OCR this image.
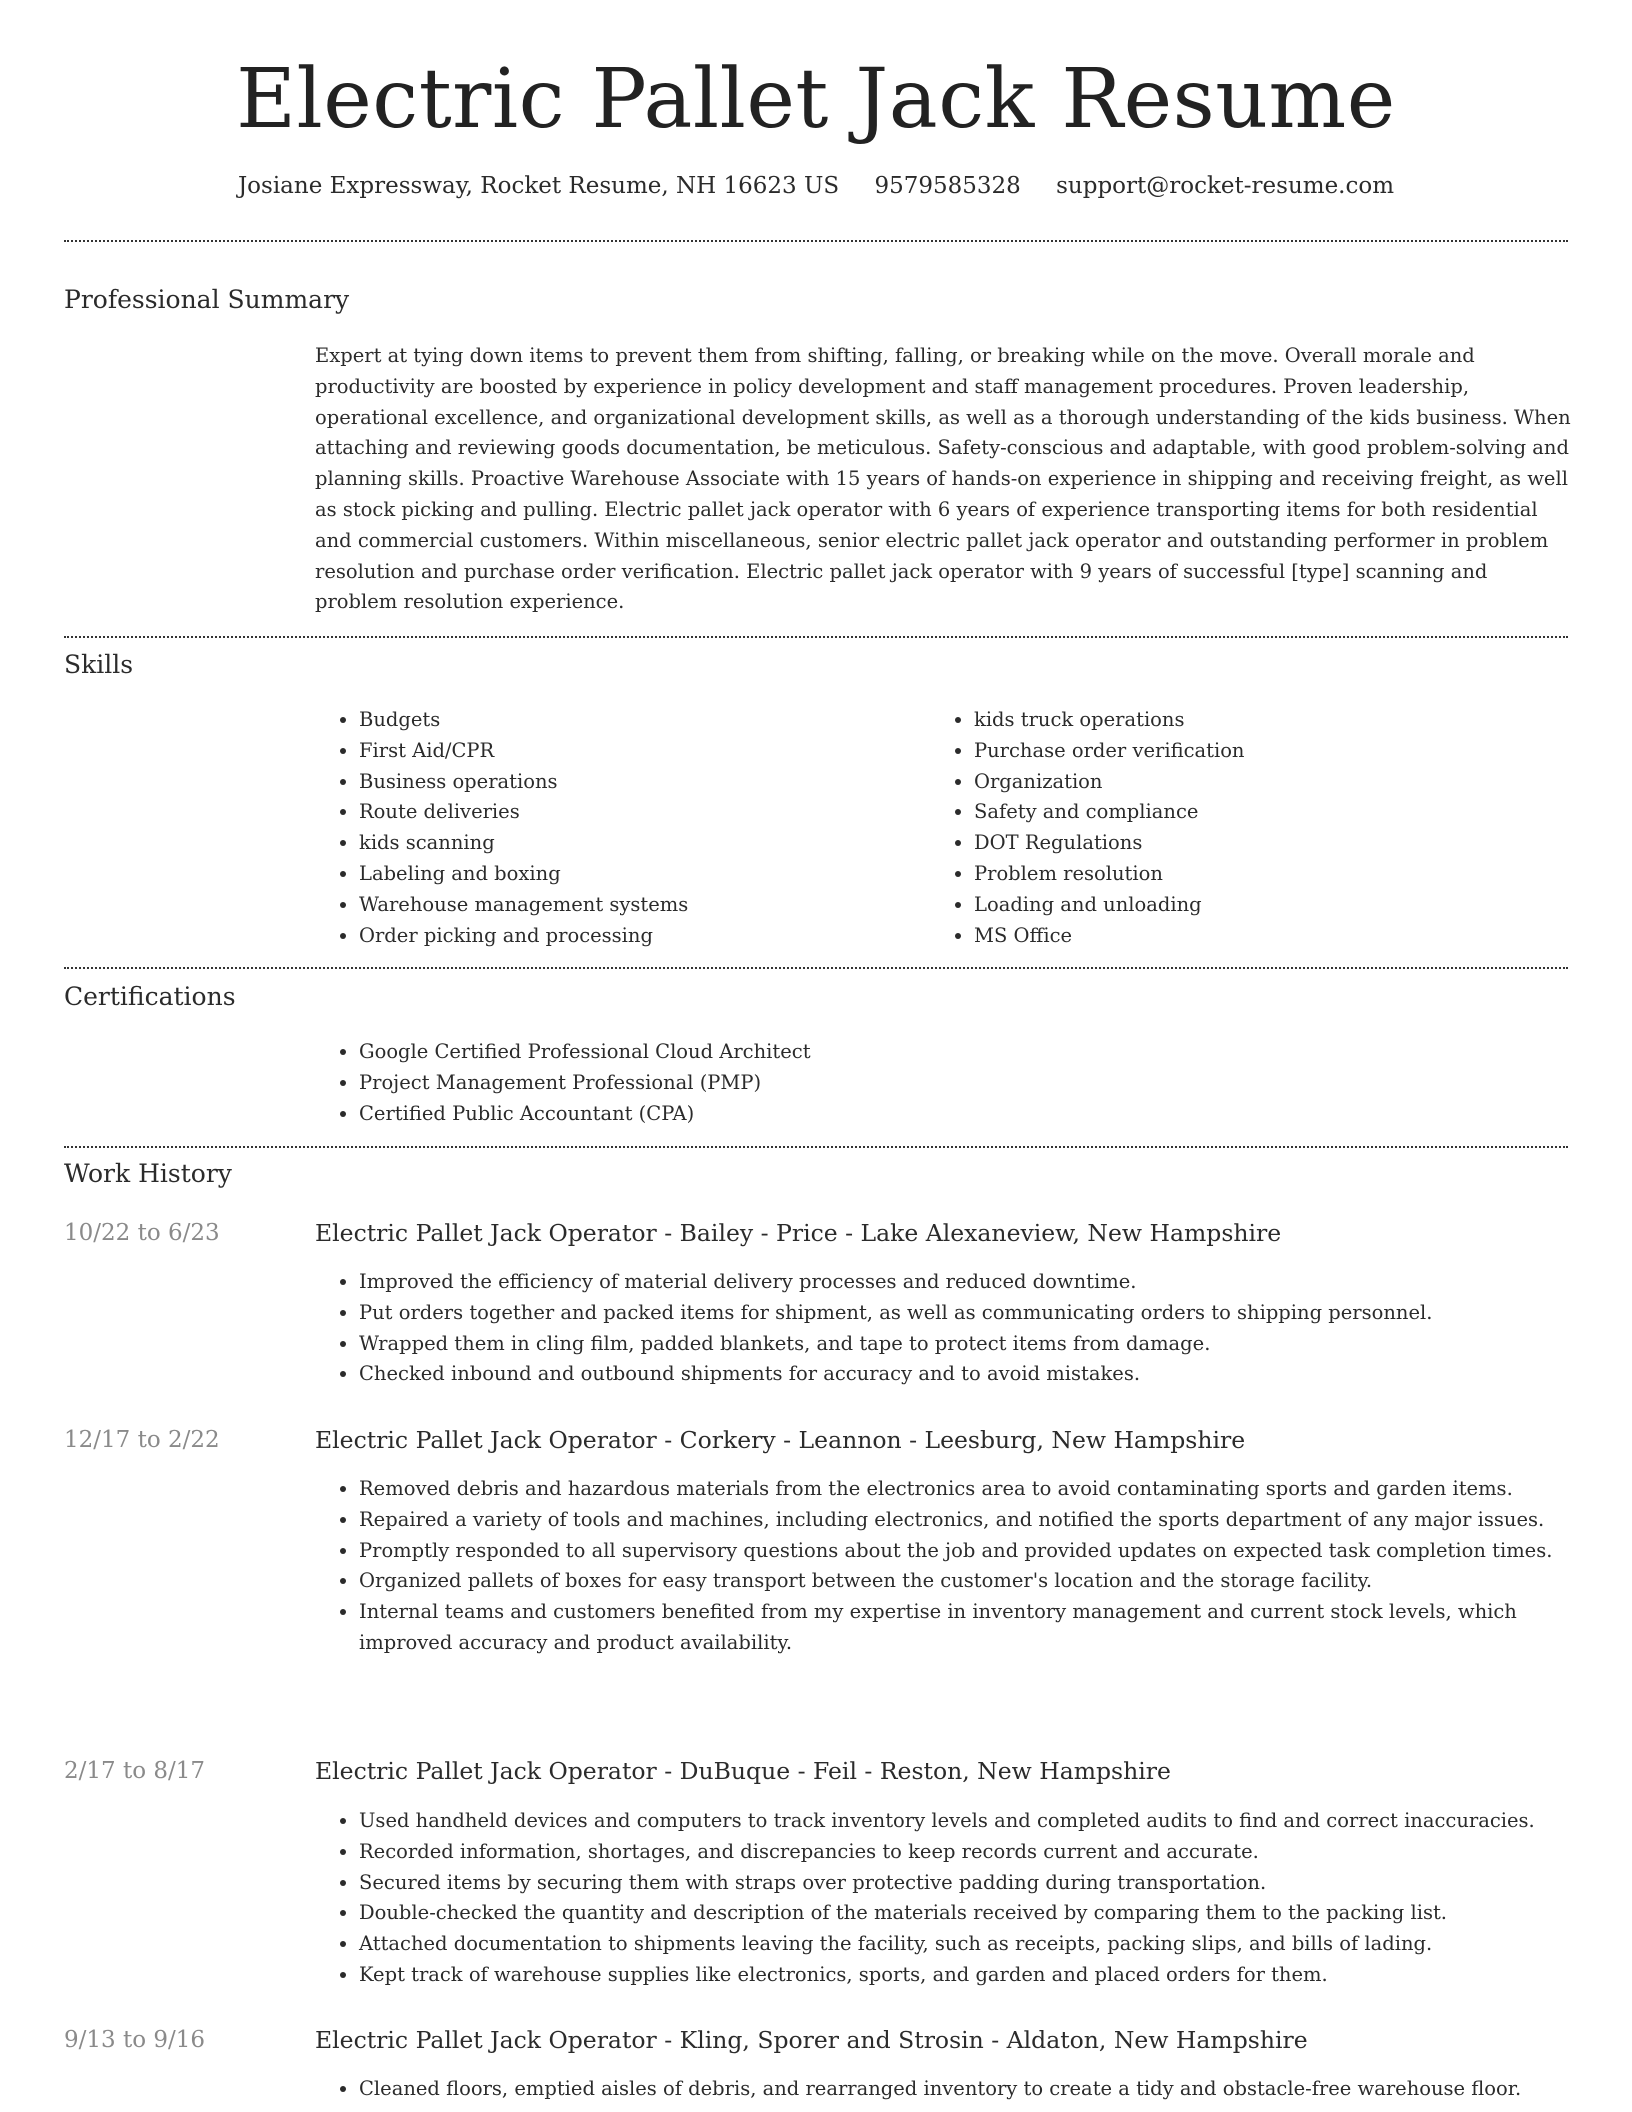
Electric Pallet Jack Resume
Josiane Expressway, Rocket Resume, NH 16623 US 9579585328 support@rocket-resume.com
Professional Summary

Expert at tying down items to prevent them from shifting, falling, or breaking while on the move. Overall morale and productivity are boosted by experience in policy development and staff management procedures. Proven leadership, operational excellence, and organizational development skills, as well as a thorough understanding of the kids business. When attaching and reviewing goods documentation, be meticulous. Safety-conscious and adaptable, with good problem-solving and planning skills. Proactive Warehouse Associate with 15 years of hands-on experience in shipping and receiving freight, as well as stock picking and pulling. Electric pallet jack operator with 6 years of experience transporting items for both residential and commercial customers. Within miscellaneous, senior electric pallet jack operator and outstanding performer in problem resolution and purchase order verification. Electric pallet jack operator with 9 years of successful [type] scanning and problem resolution experience.

Skills
• Budgets
• First Aid/CPR
• Business operations
• Route deliveries
• kids scanning
• Labeling and boxing
• Warehouse management systems
• Order picking and processing
• kids truck operations
• Purchase order verification
• Organization
• Safety and compliance
• DOT Regulations
• Problem resolution
• Loading and unloading
• MS Office
Certifications
• Google Certified Professional Cloud Architect
• Project Management Professional (PMP)
• Certified Public Accountant (CPA)
Work History
10/22 to 6/23	Electric Pallet Jack Operator - Bailey - Price - Lake Alexaneview, New Hampshire
• Improved the efficiency of material delivery processes and reduced downtime.
• Put orders together and packed items for shipment, as well as communicating orders to shipping personnel.
• Wrapped them in cling film, padded blankets, and tape to protect items from damage.
• Checked inbound and outbound shipments for accuracy and to avoid mistakes.
12/17 to 2/22	Electric Pallet Jack Operator - Corkery - Leannon - Leesburg, New Hampshire
• Removed debris and hazardous materials from the electronics area to avoid contaminating sports and garden items.
• Repaired a variety of tools and machines, including electronics, and notified the sports department of any major issues.
• Promptly responded to all supervisory questions about the job and provided updates on expected task completion times.
• Organized pallets of boxes for easy transport between the customer's location and the storage facility.
• Internal teams and customers benefited from my expertise in inventory management and current stock levels, which improved accuracy and product availability.
2/17 to 8/17	Electric Pallet Jack Operator - DuBuque - Feil - Reston, New Hampshire
• Used handheld devices and computers to track inventory levels and completed audits to find and correct inaccuracies.
• Recorded information, shortages, and discrepancies to keep records current and accurate.
• Secured items by securing them with straps over protective padding during transportation.
• Double-checked the quantity and description of the materials received by comparing them to the packing list.
• Attached documentation to shipments leaving the facility, such as receipts, packing slips, and bills of lading.
• Kept track of warehouse supplies like electronics, sports, and garden and placed orders for them.
9/13 to 9/16	Electric Pallet Jack Operator - Kling, Sporer and Strosin - Aldaton, New Hampshire
• Cleaned floors, emptied aisles of debris, and rearranged inventory to create a tidy and obstacle-free warehouse floor.
